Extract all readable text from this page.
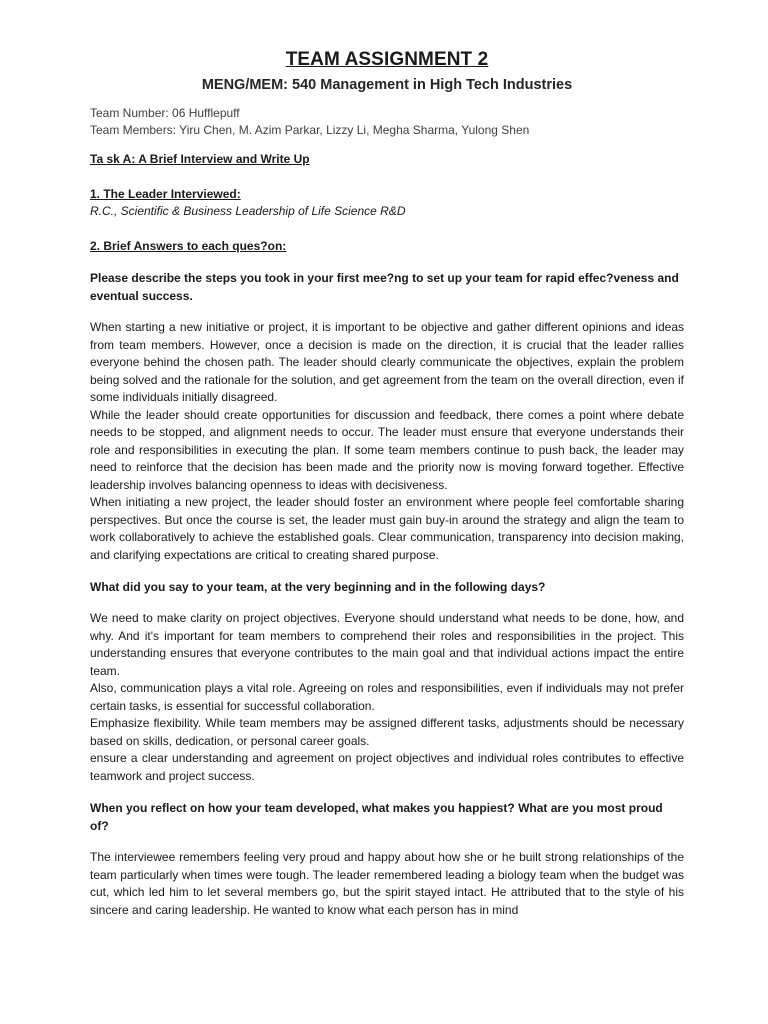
TEAM ASSIGNMENT 2
MENG/MEM: 540 Management in High Tech Industries

Team Number: 06 Hufflepuff

Team Members: Yiru Chen, M. Azim Parkar, Lizzy Li, Megha Sharma, Yulong Shen

Ta sk A: A Brief Interview and Write Up

1. The Leader Interviewed:

R.C., Scientific & Business Leadership of Life Science R&D

2. Brief Answers to each ques?on:

Please describe the steps you took in your first mee?ng to set up your team for rapid effec?veness and eventual success.

When starting a new initiative or project, it is important to be objective and gather different opinions and ideas from team members. However, once a decision is made on the direction, it is crucial that the leader rallies everyone behind the chosen path. The leader should clearly communicate the objectives, explain the problem being solved and the rationale for the solution, and get agreement from the team on the overall direction, even if some individuals initially disagreed.

While the leader should create opportunities for discussion and feedback, there comes a point where debate needs to be stopped, and alignment needs to occur. The leader must ensure that everyone understands their role and responsibilities in executing the plan. If some team members continue to push back, the leader may need to reinforce that the decision has been made and the priority now is moving forward together. Effective leadership involves balancing openness to ideas with decisiveness.

When initiating a new project, the leader should foster an environment where people feel comfortable sharing perspectives. But once the course is set, the leader must gain buy-in around the strategy and align the team to work collaboratively to achieve the established goals. Clear communication, transparency into decision making, and clarifying expectations are critical to creating shared purpose.

What did you say to your team, at the very beginning and in the following days?

We need to make clarity on project objectives. Everyone should understand what needs to be done, how, and why. And it's important for team members to comprehend their roles and responsibilities in the project. This understanding ensures that everyone contributes to the main goal and that individual actions impact the entire team.

Also, communication plays a vital role. Agreeing on roles and responsibilities, even if individuals may not prefer certain tasks, is essential for successful collaboration.

Emphasize flexibility. While team members may be assigned different tasks, adjustments should be necessary based on skills, dedication, or personal career goals.

ensure a clear understanding and agreement on project objectives and individual roles contributes to effective teamwork and project success.

When you reflect on how your team developed, what makes you happiest? What are you most proud of?

The interviewee remembers feeling very proud and happy about how she or he built strong relationships of the team particularly when times were tough. The leader remembered leading a biology team when the budget was cut, which led him to let several members go, but the spirit stayed intact. He attributed that to the style of his sincere and caring leadership. He wanted to know what each person has in mind
